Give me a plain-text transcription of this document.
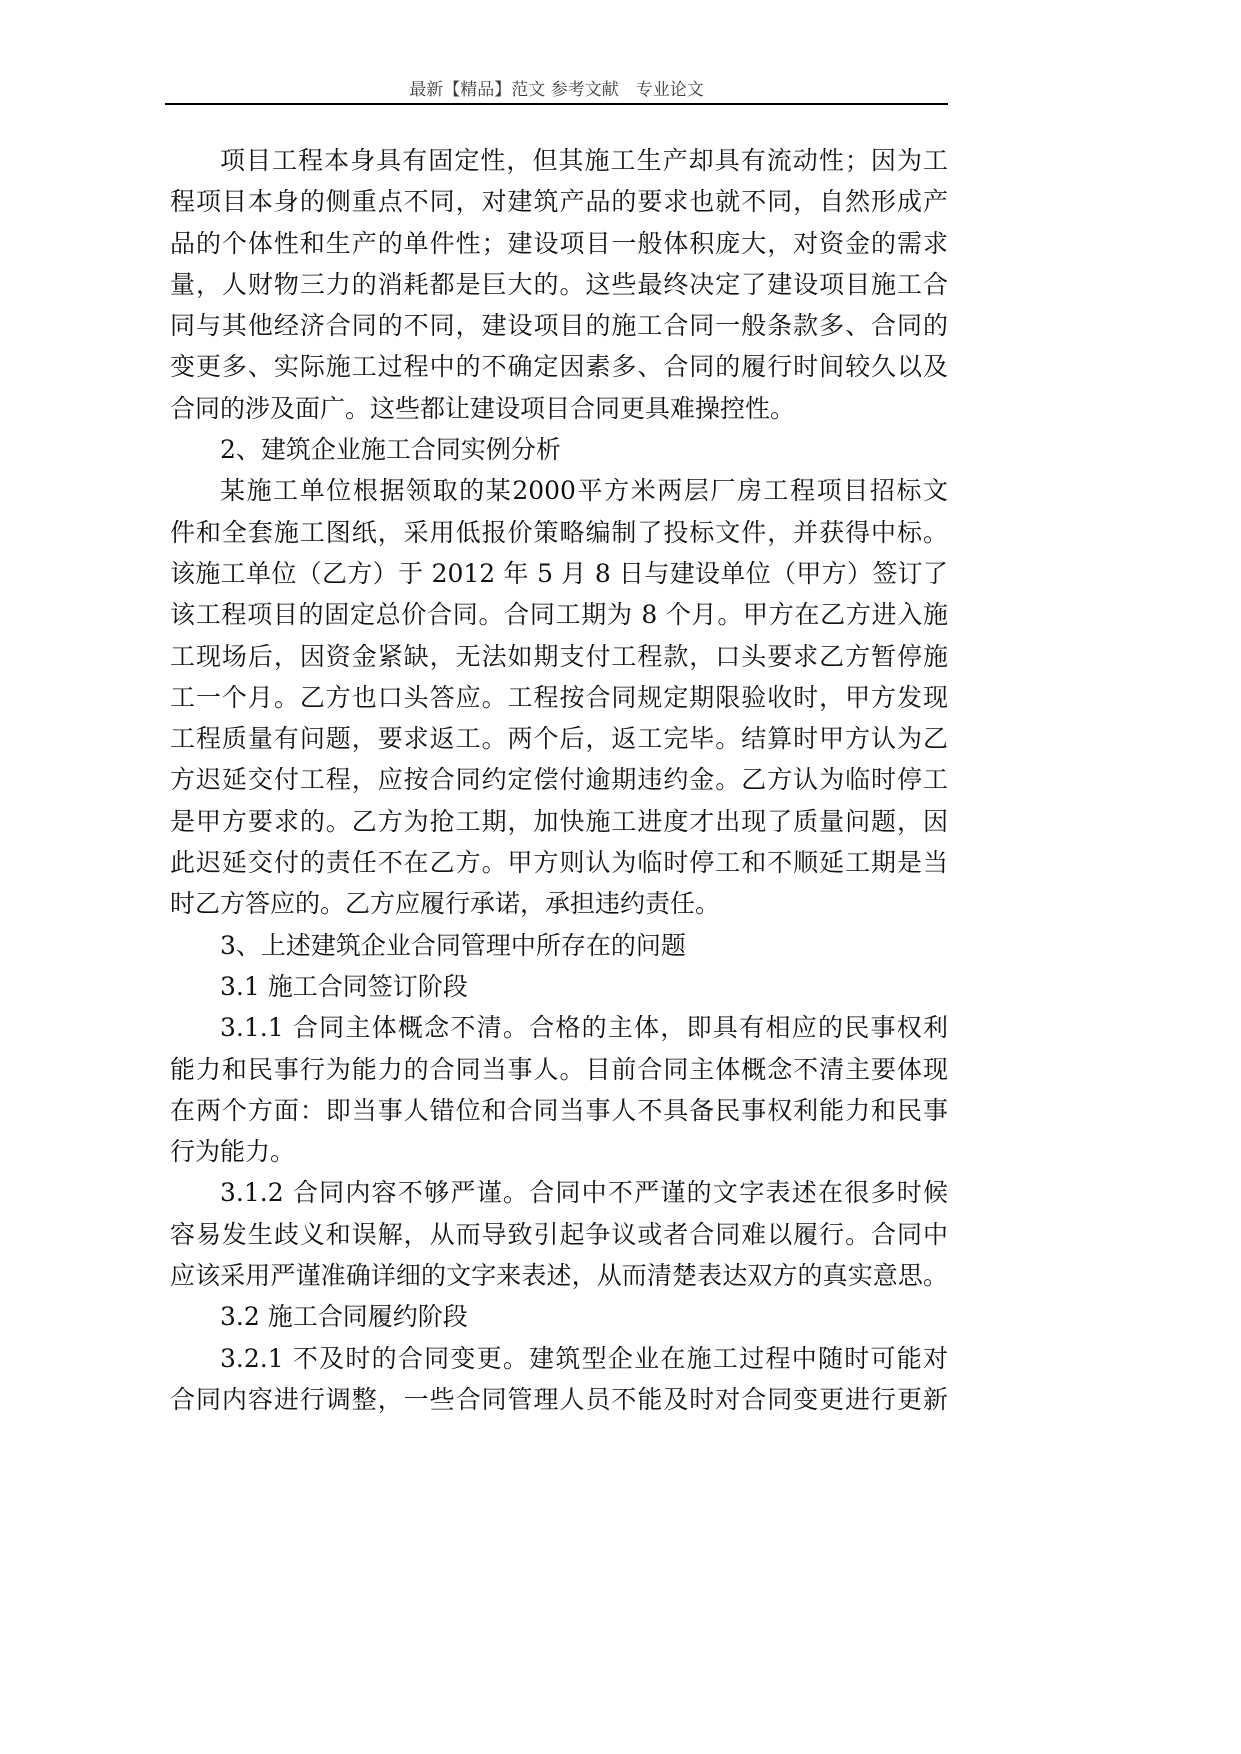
最新【精品】范文 参考文献　专业论文
项目工程本身具有固定性，但其施工生产却具有流动性；因为工
程项目本身的侧重点不同，对建筑产品的要求也就不同，自然形成产
品的个体性和生产的单件性；建设项目一般体积庞大，对资金的需求
量，人财物三力的消耗都是巨大的。这些最终决定了建设项目施工合
同与其他经济合同的不同，建设项目的施工合同一般条款多、合同的
变更多、实际施工过程中的不确定因素多、合同的履行时间较久以及
合同的涉及面广。这些都让建设项目合同更具难操控性。
2、建筑企业施工合同实例分析
某施工单位根据领取的某2000平方米两层厂房工程项目招标文
件和全套施工图纸，采用低报价策略编制了投标文件，并获得中标。
该施工单位（乙方）于 2012 年 5 月 8 日与建设单位（甲方）签订了
该工程项目的固定总价合同。合同工期为 8 个月。甲方在乙方进入施
工现场后，因资金紧缺，无法如期支付工程款，口头要求乙方暂停施
工一个月。乙方也口头答应。工程按合同规定期限验收时，甲方发现
工程质量有问题，要求返工。两个后，返工完毕。结算时甲方认为乙
方迟延交付工程，应按合同约定偿付逾期违约金。乙方认为临时停工
是甲方要求的。乙方为抢工期，加快施工进度才出现了质量问题，因
此迟延交付的责任不在乙方。甲方则认为临时停工和不顺延工期是当
时乙方答应的。乙方应履行承诺，承担违约责任。
3、上述建筑企业合同管理中所存在的问题
3.1 施工合同签订阶段
3.1.1 合同主体概念不清。合格的主体，即具有相应的民事权利
能力和民事行为能力的合同当事人。目前合同主体概念不清主要体现
在两个方面：即当事人错位和合同当事人不具备民事权利能力和民事
行为能力。
3.1.2 合同内容不够严谨。合同中不严谨的文字表述在很多时候
容易发生歧义和误解，从而导致引起争议或者合同难以履行。合同中
应该采用严谨准确详细的文字来表述，从而清楚表达双方的真实意思。
3.2 施工合同履约阶段
3.2.1 不及时的合同变更。建筑型企业在施工过程中随时可能对
合同内容进行调整，一些合同管理人员不能及时对合同变更进行更新
